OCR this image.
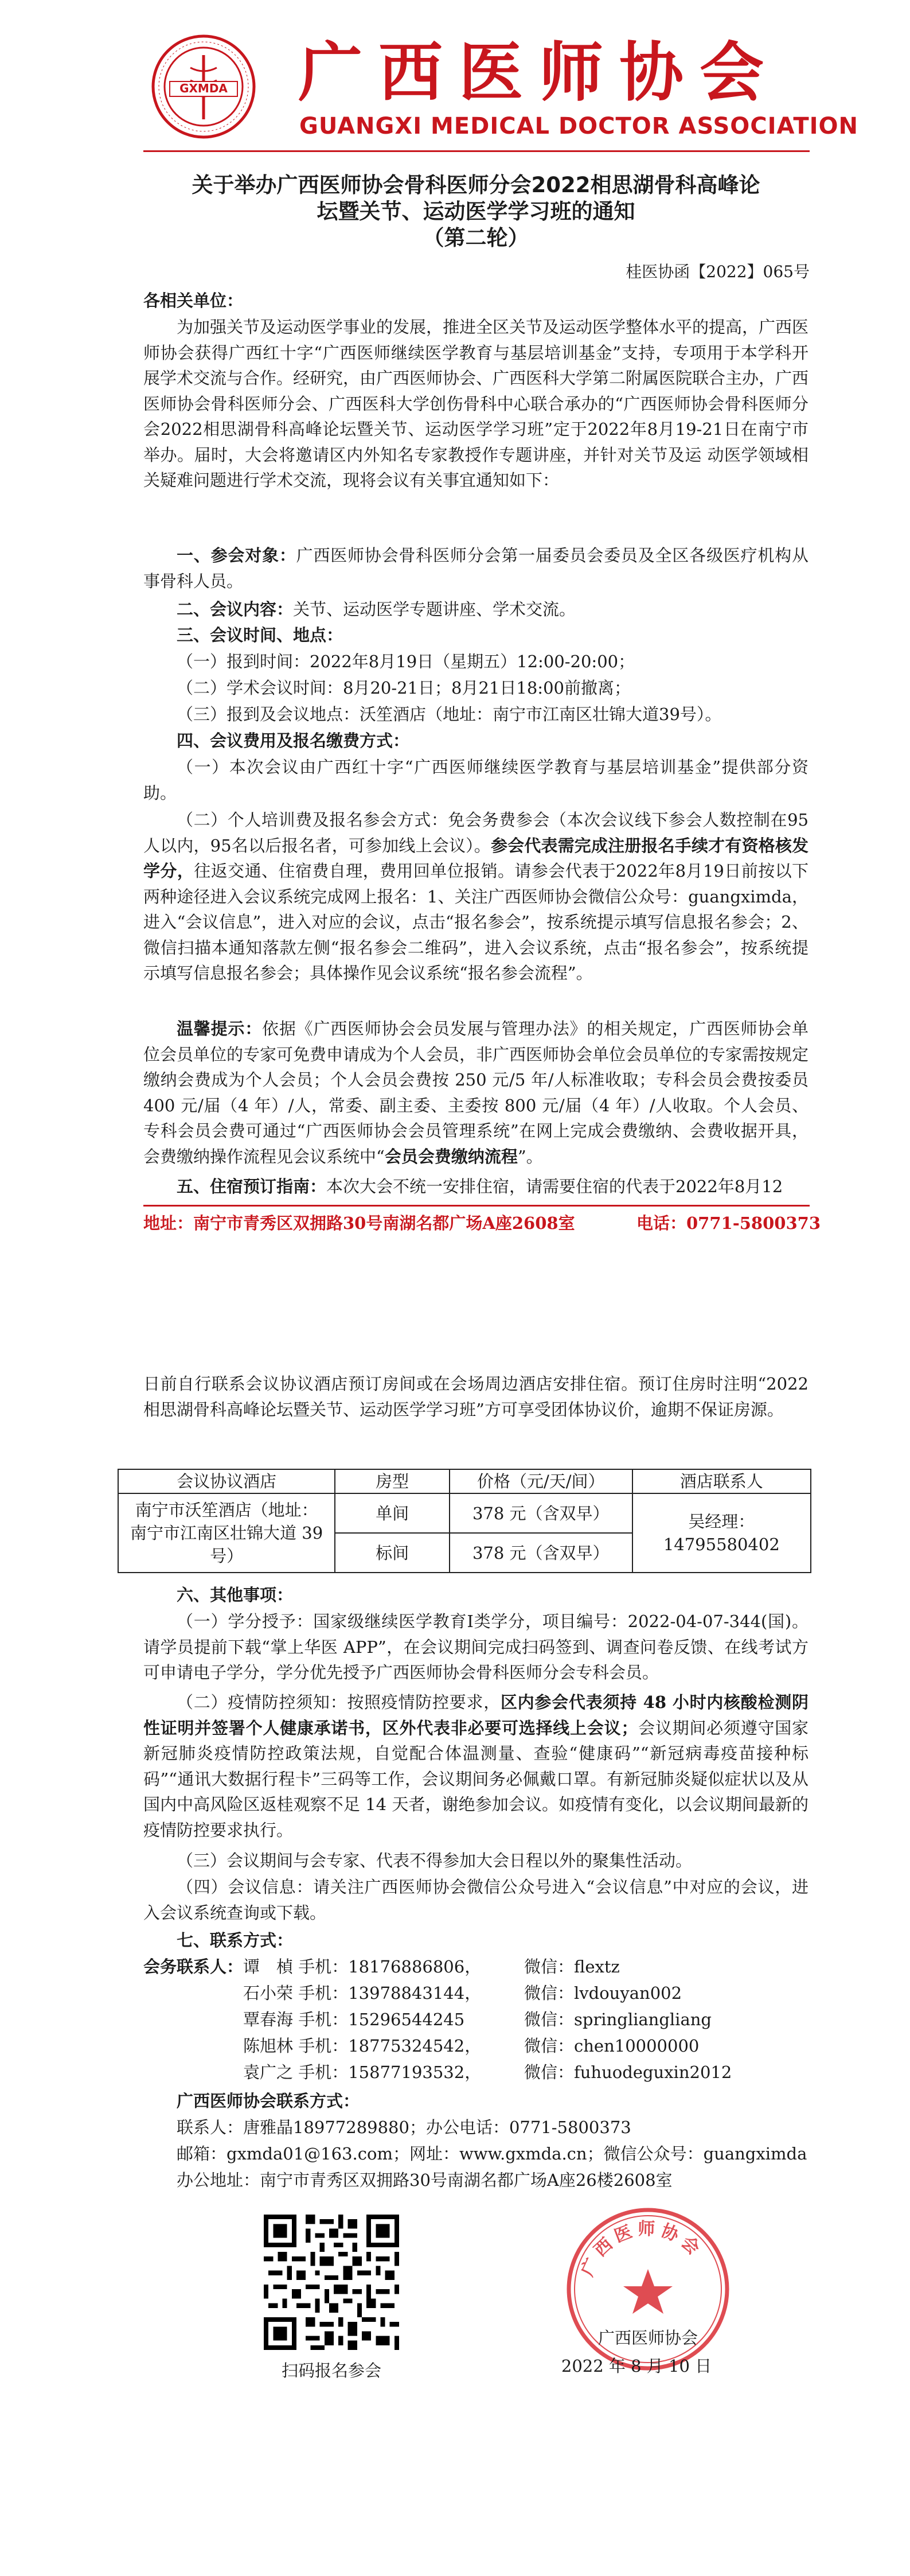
GXMDA 广西医师协会
GUANGXI MEDICAL DOCTOR ASSOCIATION
关于举办广西医师协会骨科医师分会2022相思湖骨科高峰论
坛暨关节、运动医学学习班的通知
（第二轮）
桂医协函【2022】065号

各相关单位：

为加强关节及运动医学事业的发展，推进全区关节及运动医学整体水平的提高，广西医师协会获得广西红十字“广西医师继续医学教育与基层培训基金”支持，专项用于本学科开展学术交流与合作。经研究，由广西医师协会、广西医科大学第二附属医院联合主办，广西医师协会骨科医师分会、广西医科大学创伤骨科中心联合承办的“广西医师协会骨科医师分会2022相思湖骨科高峰论坛暨关节、运动医学学习班”定于2022年8月19-21日在南宁市举办。届时，大会将邀请区内外知名专家教授作专题讲座，并针对关节及运 动医学领域相关疑难问题进行学术交流，现将会议有关事宜通知如下：

一、参会对象：广西医师协会骨科医师分会第一届委员会委员及全区各级医疗机构从事骨科人员。

二、会议内容：关节、运动医学专题讲座、学术交流。

三、会议时间、地点：

（一）报到时间：2022年8月19日（星期五）12:00-20:00；

（二）学术会议时间：8月20-21日；8月21日18:00前撤离；

（三）报到及会议地点：沃笙酒店（地址：南宁市江南区壮锦大道39号）。

四、会议费用及报名缴费方式：

（一）本次会议由广西红十字“广西医师继续医学教育与基层培训基金”提供部分资助。

（二）个人培训费及报名参会方式：免会务费参会（本次会议线下参会人数控制在95人以内，95名以后报名者，可参加线上会议）。参会代表需完成注册报名手续才有资格核发学分，往返交通、住宿费自理，费用回单位报销。请参会代表于2022年8月19日前按以下两种途径进入会议系统完成网上报名：1、关注广西医师协会微信公众号：guangximda，进入“会议信息”，进入对应的会议，点击“报名参会”，按系统提示填写信息报名参会；2、微信扫描本通知落款左侧“报名参会二维码”，进入会议系统，点击“报名参会”，按系统提示填写信息报名参会；具体操作见会议系统“报名参会流程”。

温馨提示：依据《广西医师协会会员发展与管理办法》的相关规定，广西医师协会单位会员单位的专家可免费申请成为个人会员，非广西医师协会单位会员单位的专家需按规定缴纳会费成为个人会员；个人会员会费按 250 元/5 年/人标准收取；专科会员会费按委员 400 元/届（4 年）/人，常委、副主委、主委按 800 元/届（4 年）/人收取。个人会员、专科会员会费可通过“广西医师协会会员管理系统”在网上完成会费缴纳、会费收据开具，会费缴纳操作流程见会议系统中“会员会费缴纳流程”。

五、住宿预订指南：本次大会不统一安排住宿，请需要住宿的代表于2022年8月12

地址：南宁市青秀区双拥路30号南湖名都广场A座2608室	电话：0771-5800373

日前自行联系会议协议酒店预订房间或在会场周边酒店安排住宿。预订住房时注明“2022相思湖骨科高峰论坛暨关节、运动医学学习班”方可享受团体协议价，逾期不保证房源。

会议协议酒店	房型	价格（元/天/间）	酒店联系人
南宁市沃笙酒店（地址：南宁市江南区壮锦大道 39 号）	单间	378 元（含双早）	吴经理：14795580402
	标间	378 元（含双早）	

六、其他事项：

（一）学分授予：国家级继续医学教育Ⅰ类学分，项目编号：2022-04-07-344(国)。请学员提前下载“掌上华医 APP”，在会议期间完成扫码签到、调查问卷反馈、在线考试方可申请电子学分，学分优先授予广西医师协会骨科医师分会专科会员。

（二）疫情防控须知：按照疫情防控要求，区内参会代表须持 48 小时内核酸检测阴性证明并签署个人健康承诺书，区外代表非必要可选择线上会议；会议期间必须遵守国家新冠肺炎疫情防控政策法规，自觉配合体温测量、查验“健康码”“新冠病毒疫苗接种标码”“通讯大数据行程卡”三码等工作，会议期间务必佩戴口罩。有新冠肺炎疑似症状以及从国内中高风险区返桂观察不足 14 天者，谢绝参加会议。如疫情有变化，以会议期间最新的疫情防控要求执行。

（三）会议期间与会专家、代表不得参加大会日程以外的聚集性活动。

（四）会议信息：请关注广西医师协会微信公众号进入“会议信息”中对应的会议，进入会议系统查询或下载。

七、联系方式：

会务联系人： 谭　楨 手机：18176886806，	微信：flextz
石小荣 手机：13978843144，	微信：lvdouyan002
覃春海 手机：15296544245	微信：springliangliang
陈旭林 手机：18775324542，	微信：chen10000000
袁广之 手机：15877193532，	微信：fuhuodeguxin2012
广西医师协会联系方式：
联系人：唐雅晶18977289880；办公电话：0771-5800373
邮箱：gxmda01@163.com；网址：www.gxmda.cn；微信公众号：guangximda
办公地址：南宁市青秀区双拥路30号南湖名都广场A座26楼2608室
扫码报名参会
广西医师协会
广西医师协会
2022 年 8 月 10 日
